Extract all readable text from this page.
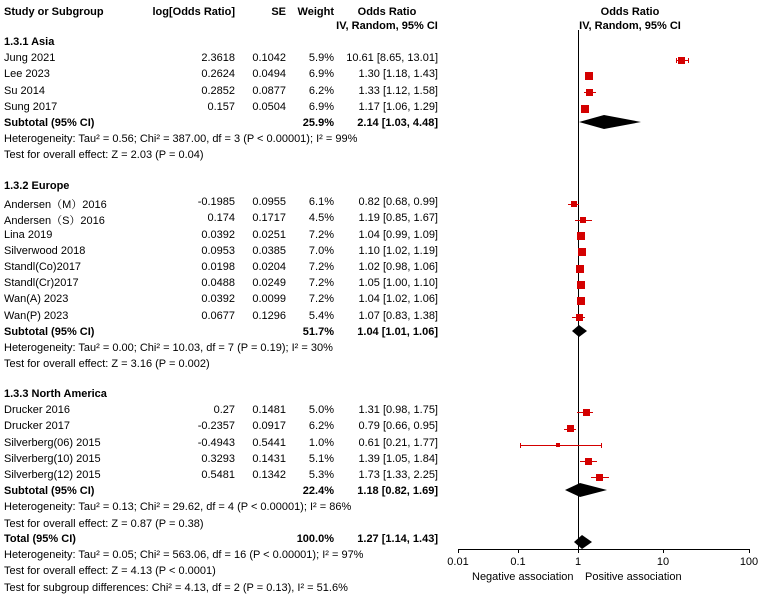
Study or Subgroup	log[Odds Ratio]	SE	Weight	Odds Ratio
IV, Random, 95% CI
Odds Ratio
IV, Random, 95% CI
1.3.1 Asia
Jung 2021	2.3618	0.1042	5.9%	10.61 [8.65, 13.01]
Lee 2023	0.2624	0.0494	6.9%	1.30 [1.18, 1.43]
Su 2014	0.2852	0.0877	6.2%	1.33 [1.12, 1.58]
Sung 2017	0.157	0.0504	6.9%	1.17 [1.06, 1.29]
Subtotal (95% CI)	25.9%	2.14 [1.03, 4.48]
Heterogeneity: Tau² = 0.56; Chi² = 387.00, df = 3 (P < 0.00001); I² = 99%
Test for overall effect: Z = 2.03 (P = 0.04)
1.3.2 Europe
Andersen（M）2016	-0.1985	0.0955	6.1%	0.82 [0.68, 0.99]
Andersen（S）2016	0.174	0.1717	4.5%	1.19 [0.85, 1.67]
Lina 2019	0.0392	0.0251	7.2%	1.04 [0.99, 1.09]
Silverwood 2018	0.0953	0.0385	7.0%	1.10 [1.02, 1.19]
Standl(Co)2017	0.0198	0.0204	7.2%	1.02 [0.98, 1.06]
Standl(Cr)2017	0.0488	0.0249	7.2%	1.05 [1.00, 1.10]
Wan(A) 2023	0.0392	0.0099	7.2%	1.04 [1.02, 1.06]
Wan(P) 2023	0.0677	0.1296	5.4%	1.07 [0.83, 1.38]
Subtotal (95% CI)	51.7%	1.04 [1.01, 1.06]
Heterogeneity: Tau² = 0.00; Chi² = 10.03, df = 7 (P = 0.19); I² = 30%
Test for overall effect: Z = 3.16 (P = 0.002)
1.3.3 North America
Drucker 2016	0.27	0.1481	5.0%	1.31 [0.98, 1.75]
Drucker 2017	-0.2357	0.0917	6.2%	0.79 [0.66, 0.95]
Silverberg(06) 2015	-0.4943	0.5441	1.0%	0.61 [0.21, 1.77]
Silverberg(10) 2015	0.3293	0.1431	5.1%	1.39 [1.05, 1.84]
Silverberg(12) 2015	0.5481	0.1342	5.3%	1.73 [1.33, 2.25]
Subtotal (95% CI)	22.4%	1.18 [0.82, 1.69]
Heterogeneity: Tau² = 0.13; Chi² = 29.62, df = 4 (P < 0.00001); I² = 86%
Test for overall effect: Z = 0.87 (P = 0.38)
Total (95% CI)	100.0%	1.27 [1.14, 1.43]
Heterogeneity: Tau² = 0.05; Chi² = 563.06, df = 16 (P < 0.00001); I² = 97%
Test for overall effect: Z = 4.13 (P < 0.0001)
Test for subgroup differences: Chi² = 4.13, df = 2 (P = 0.13), I² = 51.6%
0.01	0.1	1	10	100
Negative association Positive association
